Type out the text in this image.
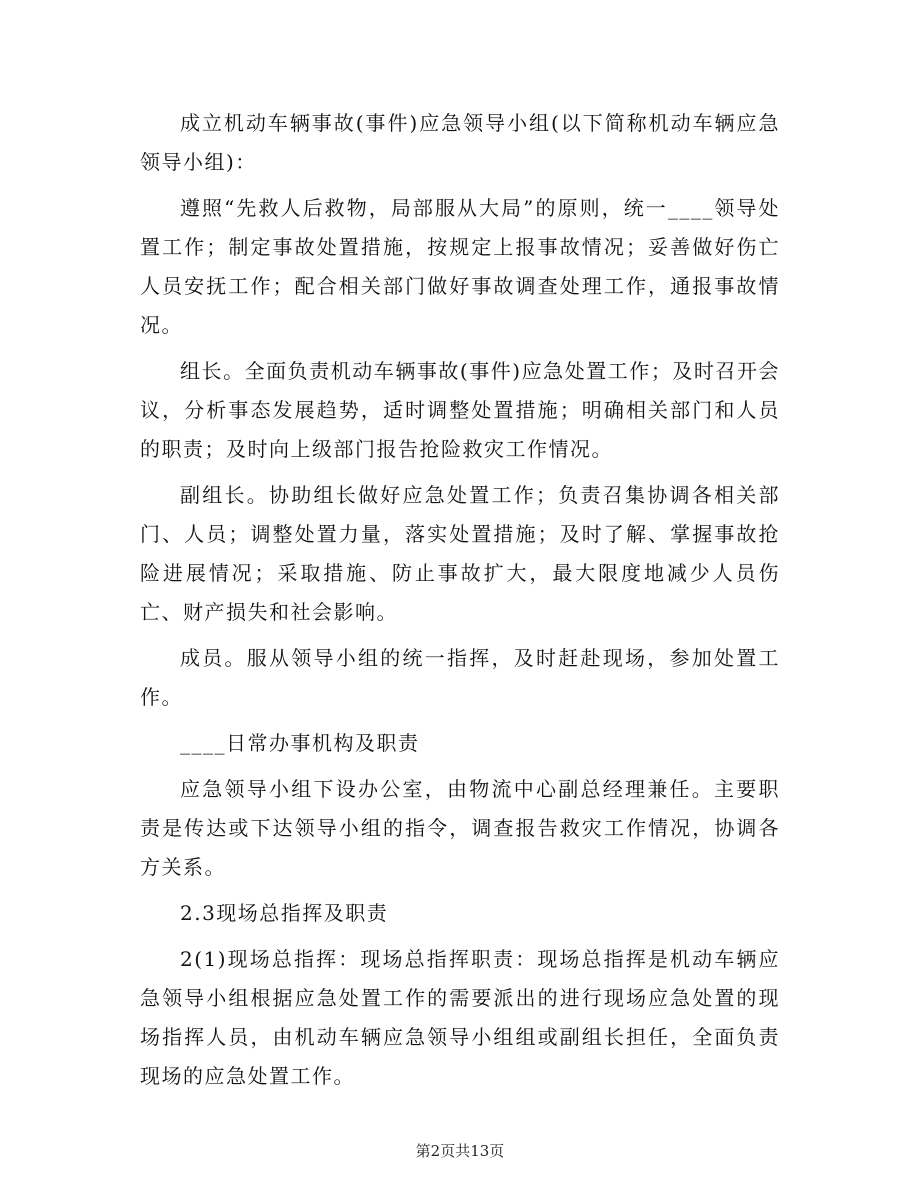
成立机动车辆事故(事件)应急领导小组(以下简称机动车辆应急领导小组)：

遵照“先救人后救物，局部服从大局”的原则，统一____领导处置工作；制定事故处置措施，按规定上报事故情况；妥善做好伤亡人员安抚工作；配合相关部门做好事故调查处理工作，通报事故情况。

组长。全面负责机动车辆事故(事件)应急处置工作；及时召开会议，分析事态发展趋势，适时调整处置措施；明确相关部门和人员的职责；及时向上级部门报告抢险救灾工作情况。

副组长。协助组长做好应急处置工作；负责召集协调各相关部门、人员；调整处置力量，落实处置措施；及时了解、掌握事故抢险进展情况；采取措施、防止事故扩大，最大限度地减少人员伤亡、财产损失和社会影响。

成员。服从领导小组的统一指挥，及时赶赴现场，参加处置工作。

____日常办事机构及职责

应急领导小组下设办公室，由物流中心副总经理兼任。主要职责是传达或下达领导小组的指令，调查报告救灾工作情况，协调各方关系。

2.3现场总指挥及职责

2(1)现场总指挥：现场总指挥职责：现场总指挥是机动车辆应急领导小组根据应急处置工作的需要派出的进行现场应急处置的现场指挥人员，由机动车辆应急领导小组组或副组长担任，全面负责现场的应急处置工作。

第2页共13页
